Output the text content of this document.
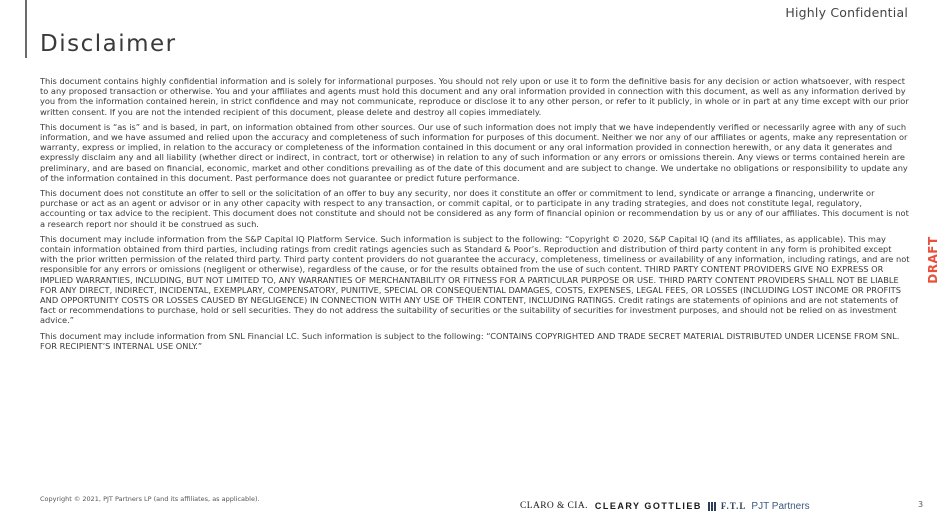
Highly Confidential
Disclaimer

This document contains highly confidential information and is solely for informational purposes. You should not rely upon or use it to form the definitive basis for any decision or action whatsoever, with respect to any proposed transaction or otherwise. You and your affiliates and agents must hold this document and any oral information provided in connection with this document, as well as any information derived by you from the information contained herein, in strict confidence and may not communicate, reproduce or disclose it to any other person, or refer to it publicly, in whole or in part at any time except with our prior written consent. If you are not the intended recipient of this document, please delete and destroy all copies immediately.

This document is “as is” and is based, in part, on information obtained from other sources. Our use of such information does not imply that we have independently verified or necessarily agree with any of such information, and we have assumed and relied upon the accuracy and completeness of such information for purposes of this document. Neither we nor any of our affiliates or agents, make any representation or warranty, express or implied, in relation to the accuracy or completeness of the information contained in this document or any oral information provided in connection herewith, or any data it generates and expressly disclaim any and all liability (whether direct or indirect, in contract, tort or otherwise) in relation to any of such information or any errors or omissions therein. Any views or terms contained herein are preliminary, and are based on financial, economic, market and other conditions prevailing as of the date of this document and are subject to change. We undertake no obligations or responsibility to update any of the information contained in this document. Past performance does not guarantee or predict future performance.

This document does not constitute an offer to sell or the solicitation of an offer to buy any security, nor does it constitute an offer or commitment to lend, syndicate or arrange a financing, underwrite or purchase or act as an agent or advisor or in any other capacity with respect to any transaction, or commit capital, or to participate in any trading strategies, and does not constitute legal, regulatory, accounting or tax advice to the recipient. This document does not constitute and should not be considered as any form of financial opinion or recommendation by us or any of our affiliates. This document is not a research report nor should it be construed as such.

This document may include information from the S&P Capital IQ Platform Service. Such information is subject to the following: “Copyright © 2020, S&P Capital IQ (and its affiliates, as applicable). This may contain information obtained from third parties, including ratings from credit ratings agencies such as Standard & Poor’s. Reproduction and distribution of third party content in any form is prohibited except with the prior written permission of the related third party. Third party content providers do not guarantee the accuracy, completeness, timeliness or availability of any information, including ratings, and are not responsible for any errors or omissions (negligent or otherwise), regardless of the cause, or for the results obtained from the use of such content. THIRD PARTY CONTENT PROVIDERS GIVE NO EXPRESS OR IMPLIED WARRANTIES, INCLUDING, BUT NOT LIMITED TO, ANY WARRANTIES OF MERCHANTABILITY OR FITNESS FOR A PARTICULAR PURPOSE OR USE. THIRD PARTY CONTENT PROVIDERS SHALL NOT BE LIABLE FOR ANY DIRECT, INDIRECT, INCIDENTAL, EXEMPLARY, COMPENSATORY, PUNITIVE, SPECIAL OR CONSEQUENTIAL DAMAGES, COSTS, EXPENSES, LEGAL FEES, OR LOSSES (INCLUDING LOST INCOME OR PROFITS AND OPPORTUNITY COSTS OR LOSSES CAUSED BY NEGLIGENCE) IN CONNECTION WITH ANY USE OF THEIR CONTENT, INCLUDING RATINGS. Credit ratings are statements of opinions and are not statements of fact or recommendations to purchase, hold or sell securities. They do not address the suitability of securities or the suitability of securities for investment purposes, and should not be relied on as investment advice.”

This document may include information from SNL Financial LC. Such information is subject to the following: “CONTAINS COPYRIGHTED AND TRADE SECRET MATERIAL DISTRIBUTED UNDER LICENSE FROM SNL. FOR RECIPIENT’S INTERNAL USE ONLY.”

DRAFT
Copyright © 2021, PJT Partners LP (and its affiliates, as applicable).
CLARO & CIA. CLEARY GOTTLIEB F.T.L PJT Partners	3
